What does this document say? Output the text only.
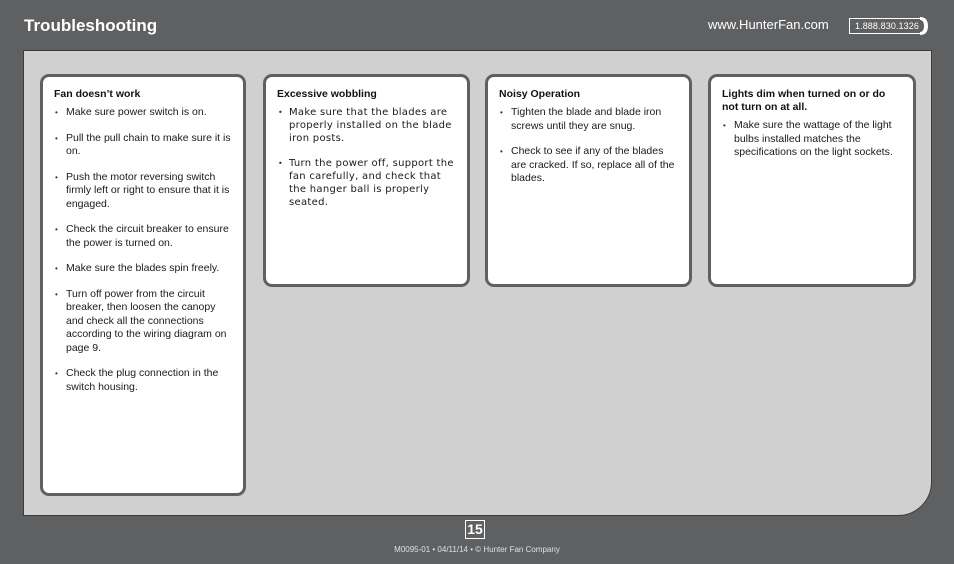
Troubleshooting	www.HunterFan.com	1.888.830.1326
Fan doesn’t work
• Make sure power switch is on.
• Pull the pull chain to make sure it is on.
• Push the motor reversing switch firmly left or right to ensure that it is engaged.
• Check the circuit breaker to ensure the power is turned on.
• Make sure the blades spin freely.
• Turn off power from the circuit breaker, then loosen the canopy and check all the connections according to the wiring diagram on page 9.
• Check the plug connection in the switch housing.
Excessive wobbling
• Make sure that the blades are properly installed on the blade iron posts.
• Turn the power off, support the fan carefully, and check that the hanger ball is properly seated.
Noisy Operation
• Tighten the blade and blade iron screws until they are snug.
• Check to see if any of the blades are cracked. If so, replace all of the blades.
Lights dim when turned on or do not turn on at all.
• Make sure the wattage of the light bulbs installed matches the specifications on the light sockets.
15
M0095-01 • 04/11/14 • © Hunter Fan Company
